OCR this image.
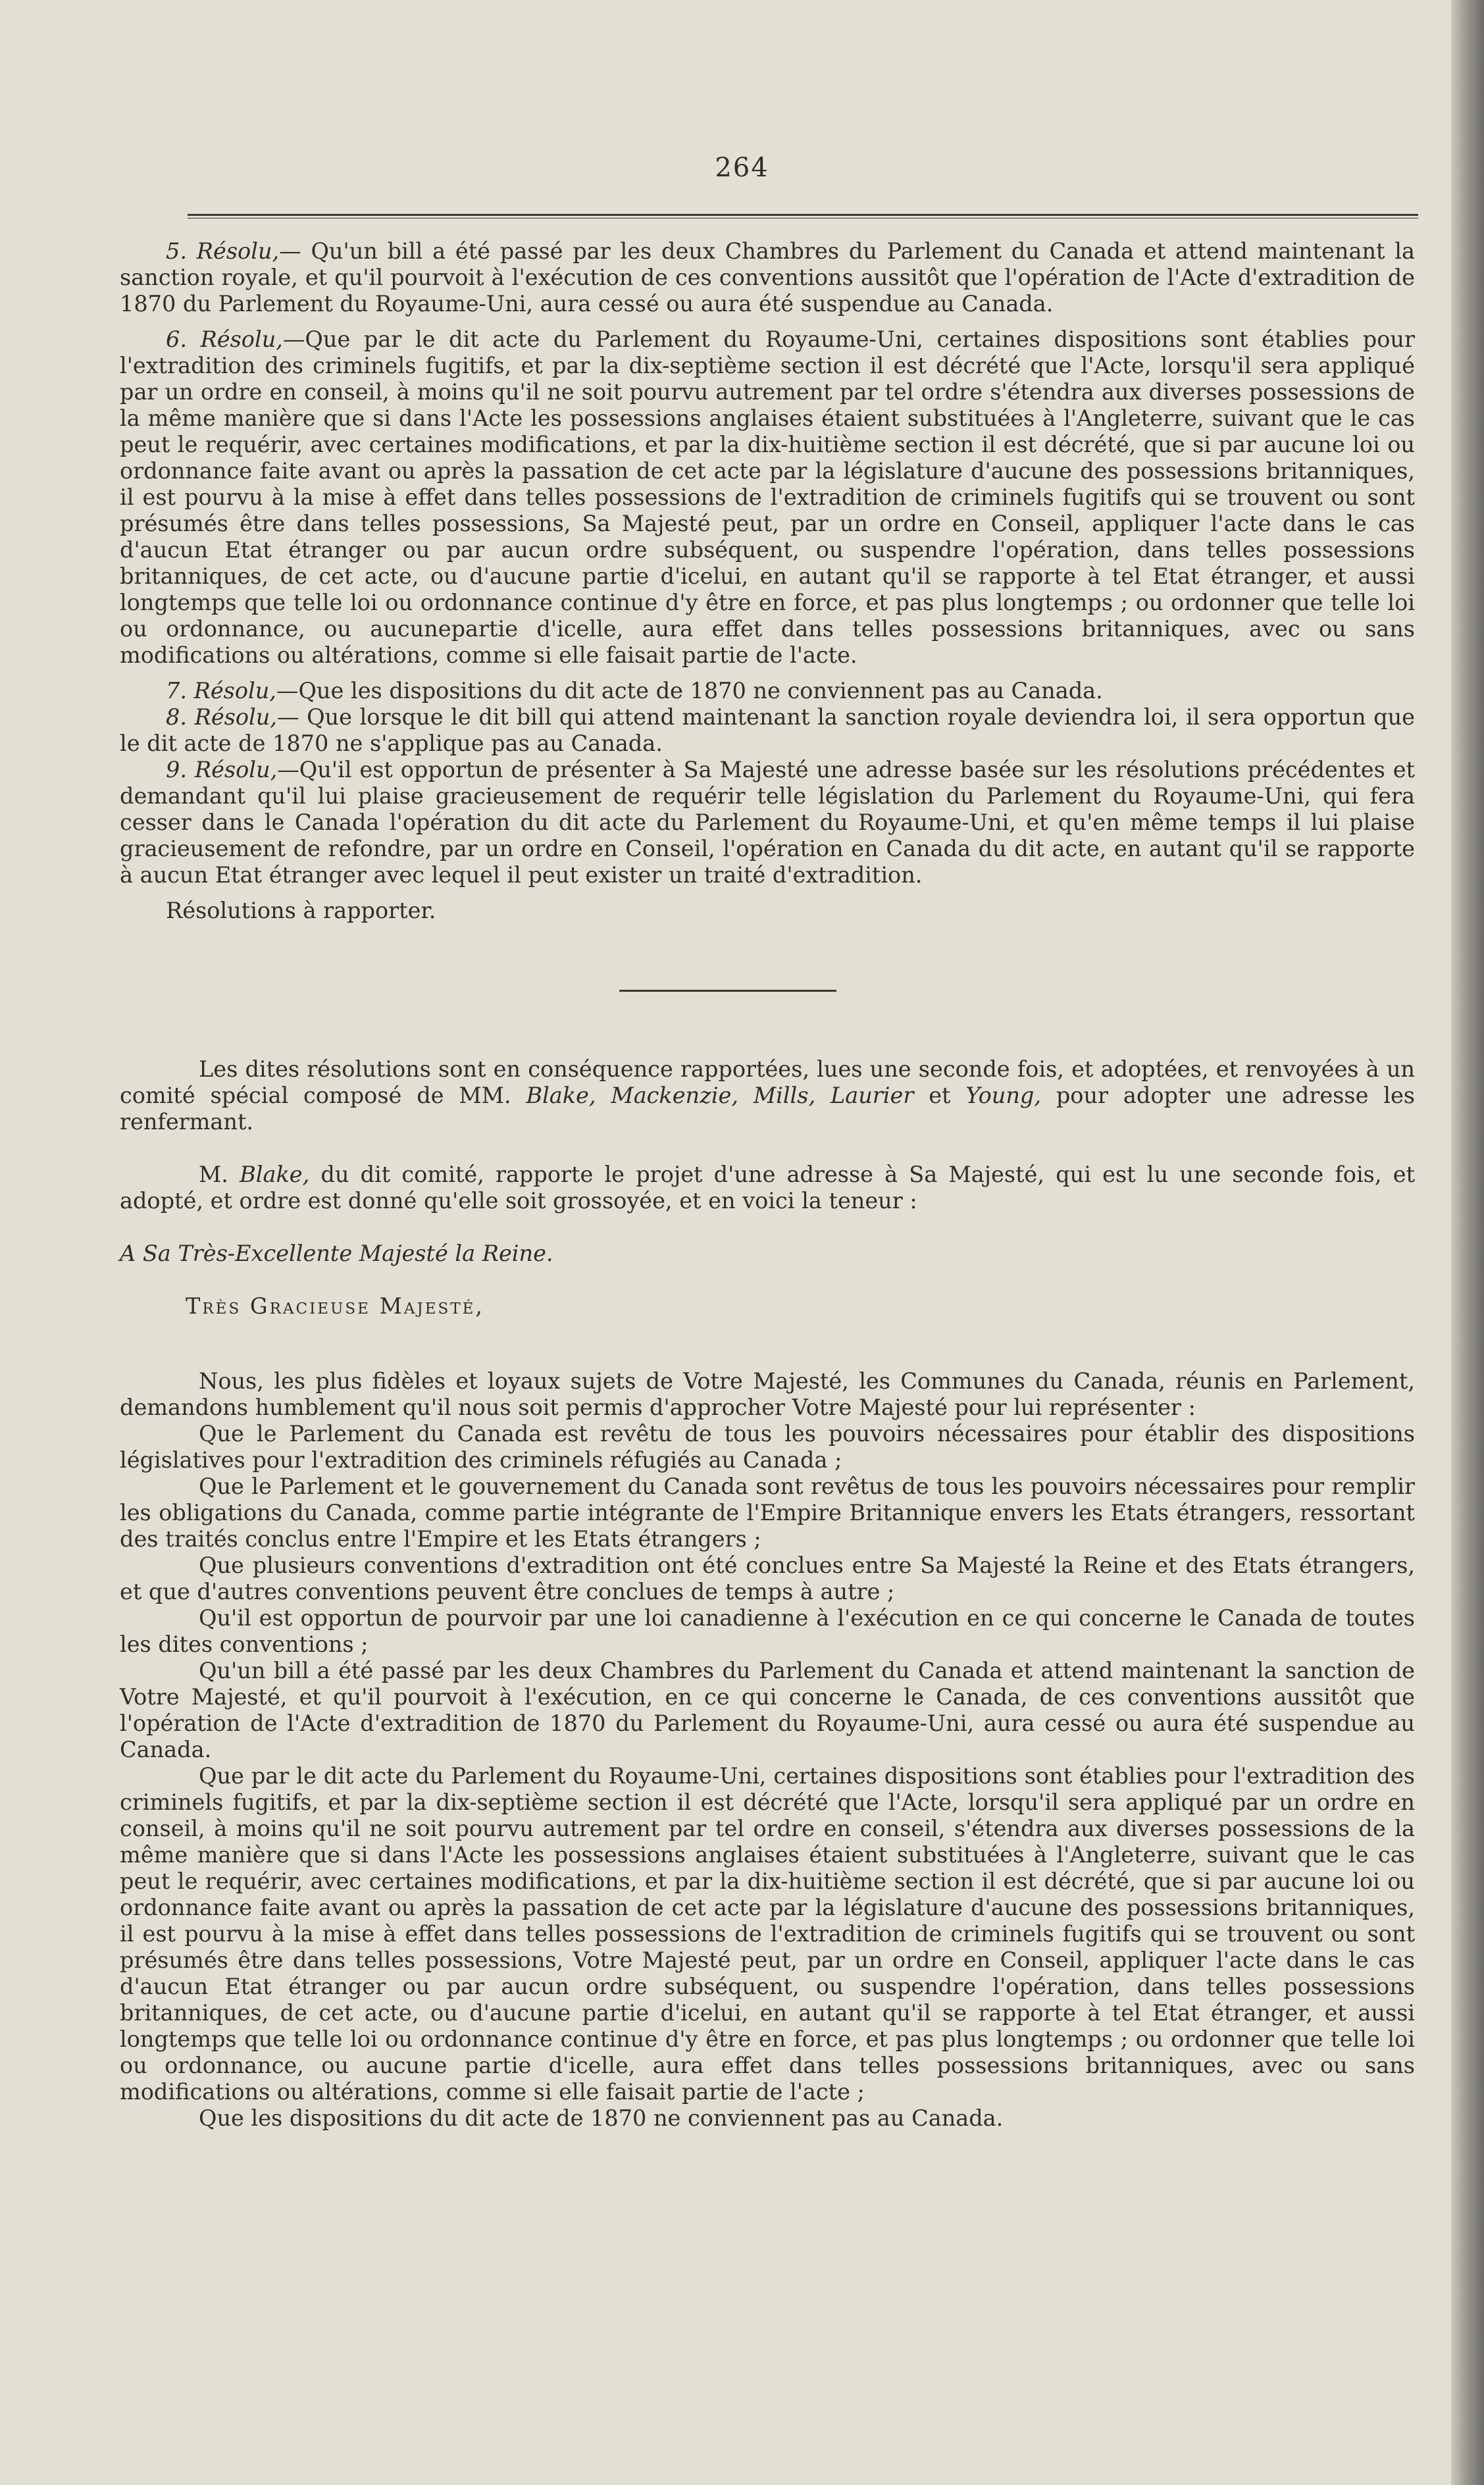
264

5. Résolu,— Qu'un bill a été passé par les deux Chambres du Parlement du Canada et attend maintenant la sanction royale, et qu'il pourvoit à l'exécution de ces conventions aussitôt que l'opération de l'Acte d'extradition de 1870 du Parlement du Royaume-Uni, aura cessé ou aura été suspendue au Canada.

6. Résolu,—Que par le dit acte du Parlement du Royaume-Uni, certaines dispositions sont établies pour l'extradition des criminels fugitifs, et par la dix-septième section il est décrété que l'Acte, lorsqu'il sera appliqué par un ordre en conseil, à moins qu'il ne soit pourvu autrement par tel ordre s'étendra aux diverses possessions de la même manière que si dans l'Acte les possessions anglaises étaient substituées à l'Angleterre, suivant que le cas peut le requérir, avec certaines modifications, et par la dix-huitième section il est décrété, que si par aucune loi ou ordonnance faite avant ou après la passation de cet acte par la législature d'aucune des possessions britanniques, il est pourvu à la mise à effet dans telles possessions de l'extradition de criminels fugitifs qui se trouvent ou sont présumés être dans telles possessions, Sa Majesté peut, par un ordre en Conseil, appliquer l'acte dans le cas d'aucun Etat étranger ou par aucun ordre subséquent, ou suspendre l'opération, dans telles possessions britanniques, de cet acte, ou d'aucune partie d'icelui, en autant qu'il se rapporte à tel Etat étranger, et aussi longtemps que telle loi ou ordonnance continue d'y être en force, et pas plus longtemps ; ou ordonner que telle loi ou ordonnance, ou aucunepartie d'icelle, aura effet dans telles possessions britanniques, avec ou sans modifications ou altérations, comme si elle faisait partie de l'acte.

7. Résolu,—Que les dispositions du dit acte de 1870 ne conviennent pas au Canada.

8. Résolu,— Que lorsque le dit bill qui attend maintenant la sanction royale deviendra loi, il sera opportun que le dit acte de 1870 ne s'applique pas au Canada.

9. Résolu,—Qu'il est opportun de présenter à Sa Majesté une adresse basée sur les résolutions précédentes et demandant qu'il lui plaise gracieusement de requérir telle législation du Parlement du Royaume-Uni, qui fera cesser dans le Canada l'opération du dit acte du Parlement du Royaume-Uni, et qu'en même temps il lui plaise gracieusement de refondre, par un ordre en Conseil, l'opération en Canada du dit acte, en autant qu'il se rapporte à aucun Etat étranger avec lequel il peut exister un traité d'extradition.

Résolutions à rapporter.

Les dites résolutions sont en conséquence rapportées, lues une seconde fois, et adoptées, et renvoyées à un comité spécial composé de MM. Blake, Mackenzie, Mills, Laurier et Young, pour adopter une adresse les renfermant.

M. Blake, du dit comité, rapporte le projet d'une adresse à Sa Majesté, qui est lu une seconde fois, et adopté, et ordre est donné qu'elle soit grossoyée, et en voici la teneur :

A Sa Très-Excellente Majesté la Reine.

Très Gracieuse Majesté,

Nous, les plus fidèles et loyaux sujets de Votre Majesté, les Communes du Canada, réunis en Parlement, demandons humblement qu'il nous soit permis d'approcher Votre Majesté pour lui représenter :

Que le Parlement du Canada est revêtu de tous les pouvoirs nécessaires pour établir des dispositions législatives pour l'extradition des criminels réfugiés au Canada ;

Que le Parlement et le gouvernement du Canada sont revêtus de tous les pouvoirs nécessaires pour remplir les obligations du Canada, comme partie intégrante de l'Empire Britannique envers les Etats étrangers, ressortant des traités conclus entre l'Empire et les Etats étrangers ;

Que plusieurs conventions d'extradition ont été conclues entre Sa Majesté la Reine et des Etats étrangers, et que d'autres conventions peuvent être conclues de temps à autre ;

Qu'il est opportun de pourvoir par une loi canadienne à l'exécution en ce qui concerne le Canada de toutes les dites conventions ;

Qu'un bill a été passé par les deux Chambres du Parlement du Canada et attend maintenant la sanction de Votre Majesté, et qu'il pourvoit à l'exécution, en ce qui concerne le Canada, de ces conventions aussitôt que l'opération de l'Acte d'extradition de 1870 du Parlement du Royaume-Uni, aura cessé ou aura été suspendue au Canada.

Que par le dit acte du Parlement du Royaume-Uni, certaines dispositions sont établies pour l'extradition des criminels fugitifs, et par la dix-septième section il est décrété que l'Acte, lorsqu'il sera appliqué par un ordre en conseil, à moins qu'il ne soit pourvu autrement par tel ordre en conseil, s'étendra aux diverses possessions de la même manière que si dans l'Acte les possessions anglaises étaient substituées à l'Angleterre, suivant que le cas peut le requérir, avec certaines modifications, et par la dix-huitième section il est décrété, que si par aucune loi ou ordonnance faite avant ou après la passation de cet acte par la législature d'aucune des possessions britanniques, il est pourvu à la mise à effet dans telles possessions de l'extradition de criminels fugitifs qui se trouvent ou sont présumés être dans telles possessions, Votre Majesté peut, par un ordre en Conseil, appliquer l'acte dans le cas d'aucun Etat étranger ou par aucun ordre subséquent, ou suspendre l'opération, dans telles possessions britanniques, de cet acte, ou d'aucune partie d'icelui, en autant qu'il se rapporte à tel Etat étranger, et aussi longtemps que telle loi ou ordonnance continue d'y être en force, et pas plus longtemps ; ou ordonner que telle loi ou ordonnance, ou aucune partie d'icelle, aura effet dans telles possessions britanniques, avec ou sans modifications ou altérations, comme si elle faisait partie de l'acte ;

Que les dispositions du dit acte de 1870 ne conviennent pas au Canada.
